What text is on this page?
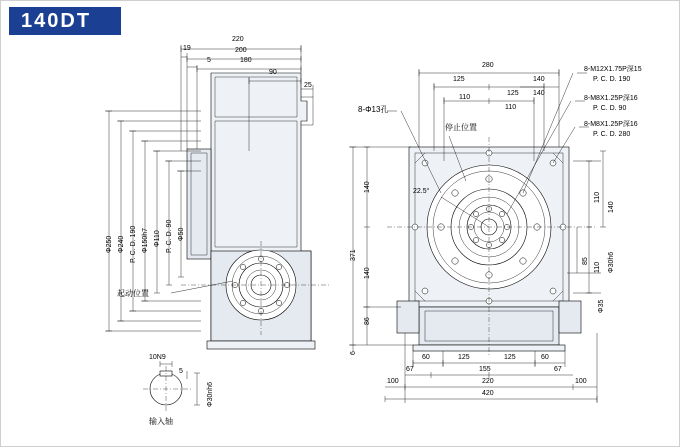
140DT
220
200
180
90
25
19
5
Φ250 Φ240 P. C. D. 190 Φ150h7 Φ110 P. C. D. 90 Φ50
起动位置
10N9
Φ30nh6
5
输入轴
280
140
125
125 140
110
110
140
371
140
86
6
110
110
140
85	Φ30h6
Φ35
60	125
155
125	60
67	67
220
100	100
420
22.5°
8-Φ13孔
停止位置
8-M12X1.75P深15
P. C. D. 190
8-M8X1.25P深16
P. C. D. 90
8-M8X1.25P深16
P. C. D. 280
